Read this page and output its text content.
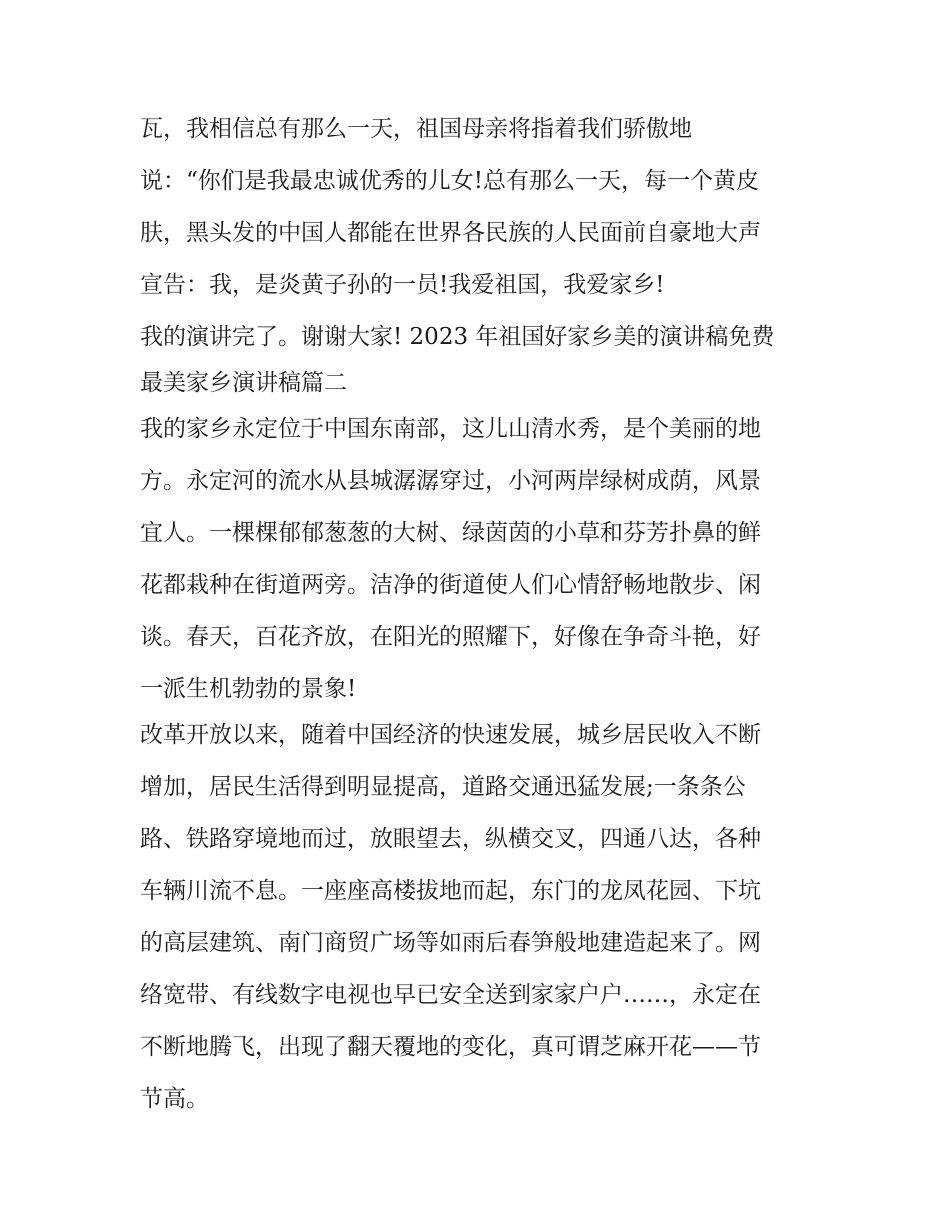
瓦，我相信总有那么一天，祖国母亲将指着我们骄傲地
说：“你们是我最忠诚优秀的儿女!总有那么一天，每一个黄皮
肤，黑头发的中国人都能在世界各民族的人民面前自豪地大声
宣告：我，是炎黄子孙的一员!我爱祖国，我爱家乡!
我的演讲完了。谢谢大家! 2023 年祖国好家乡美的演讲稿免费
最美家乡演讲稿篇二
我的家乡永定位于中国东南部，这儿山清水秀，是个美丽的地
方。永定河的流水从县城潺潺穿过，小河两岸绿树成荫，风景
宜人。一棵棵郁郁葱葱的大树、绿茵茵的小草和芬芳扑鼻的鲜
花都栽种在街道两旁。洁净的街道使人们心情舒畅地散步、闲
谈。春天，百花齐放，在阳光的照耀下，好像在争奇斗艳，好
一派生机勃勃的景象!
改革开放以来，随着中国经济的快速发展，城乡居民收入不断
增加，居民生活得到明显提高，道路交通迅猛发展;一条条公
路、铁路穿境地而过，放眼望去，纵横交叉，四通八达，各种
车辆川流不息。一座座高楼拔地而起，东门的龙凤花园、下坑
的高层建筑、南门商贸广场等如雨后春笋般地建造起来了。网
络宽带、有线数字电视也早已安全送到家家户户……，永定在
不断地腾飞，出现了翻天覆地的变化，真可谓芝麻开花——节
节高。
